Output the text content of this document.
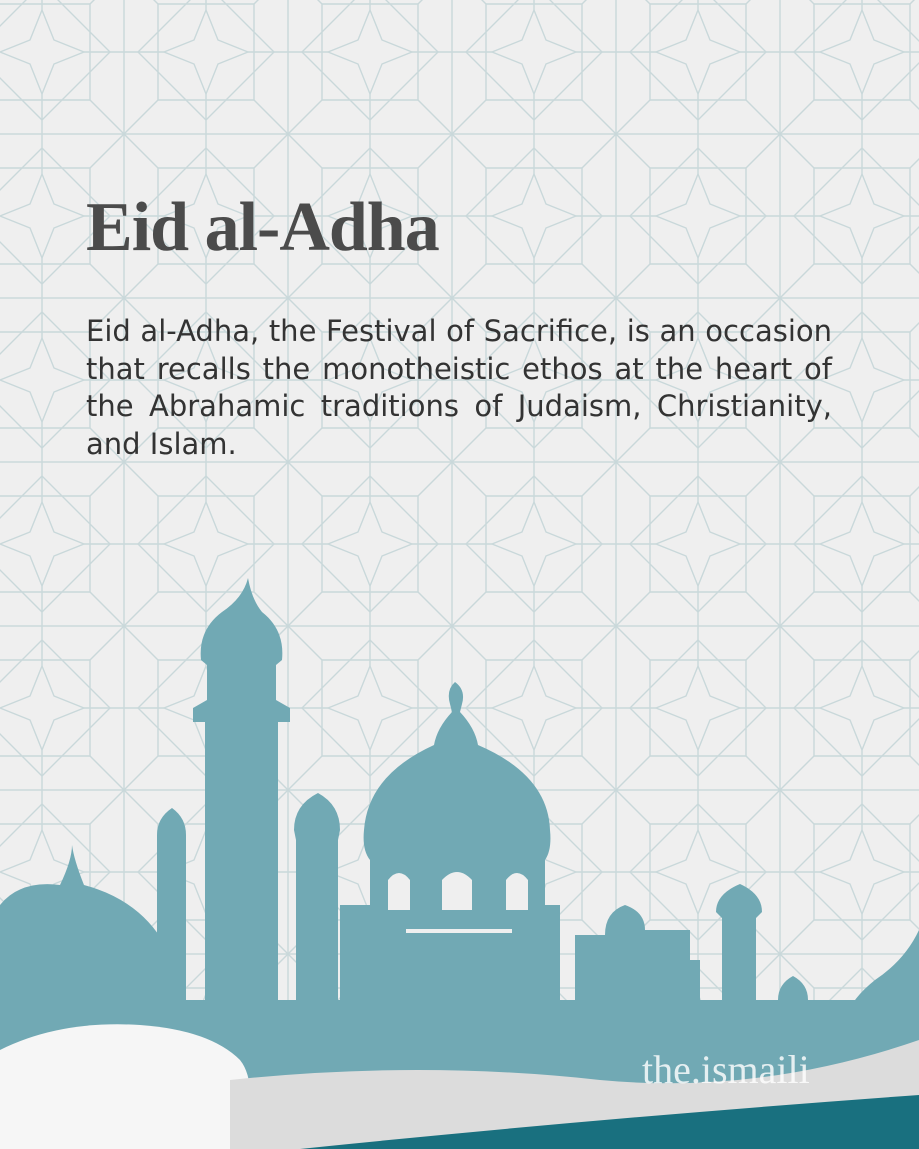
Eid al-Adha

Eid al-Adha, the Festival of Sacrifice, is an occasion that recalls the monotheistic ethos at the heart of the Abrahamic traditions of Judaism, Christianity, and Islam.

the.ismaili
